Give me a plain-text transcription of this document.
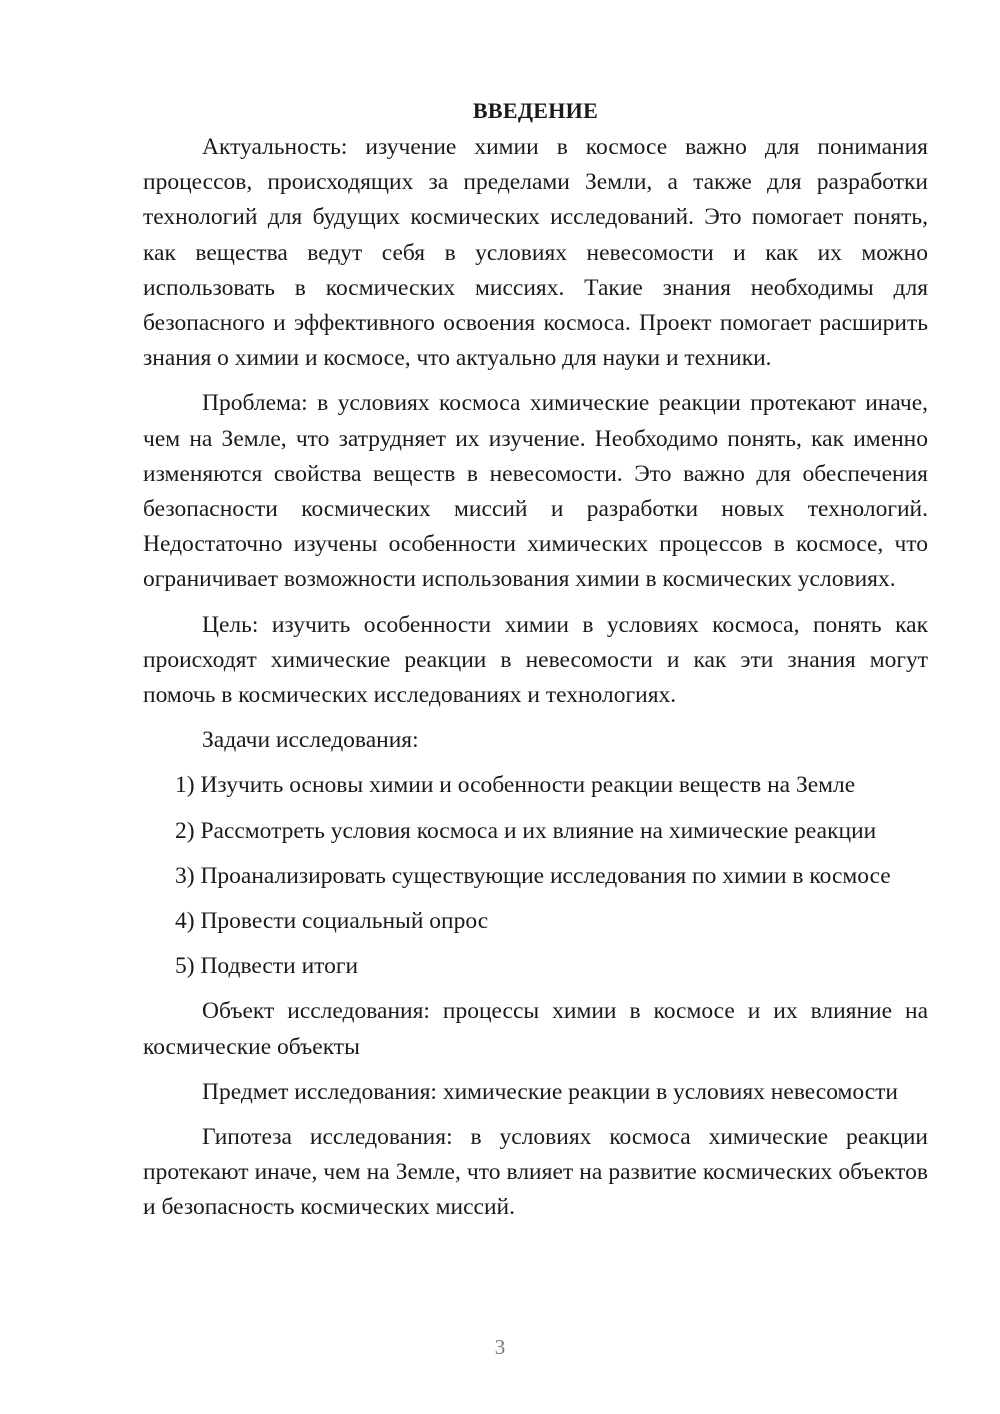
ВВЕДЕНИЕ

Актуальность: изучение химии в космосе важно для понимания процессов, происходящих за пределами Земли, а также для разработки технологий для будущих космических исследований. Это помогает понять, как вещества ведут себя в условиях невесомости и как их можно использовать в космических миссиях. Такие знания необходимы для безопасного и эффективного освоения космоса. Проект помогает расширить знания о химии и космосе, что актуально для науки и техники.

Проблема: в условиях космоса химические реакции протекают иначе, чем на Земле, что затрудняет их изучение. Необходимо понять, как именно изменяются свойства веществ в невесомости. Это важно для обеспечения безопасности космических миссий и разработки новых технологий. Недостаточно изучены особенности химических процессов в космосе, что ограничивает возможности использования химии в космических условиях.

Цель: изучить особенности химии в условиях космоса, понять как происходят химические реакции в невесомости и как эти знания могут помочь в космических исследованиях и технологиях.

Задачи исследования:

1) Изучить основы химии и особенности реакции веществ на Земле
2) Рассмотреть условия космоса и их влияние на химические реакции
3) Проанализировать существующие исследования по химии в космосе
4) Провести социальный опрос
5) Подвести итоги

Объект исследования: процессы химии в космосе и их влияние на космические объекты

Предмет исследования: химические реакции в условиях невесомости

Гипотеза исследования: в условиях космоса химические реакции протекают иначе, чем на Земле, что влияет на развитие космических объектов и безопасность космических миссий.

3
